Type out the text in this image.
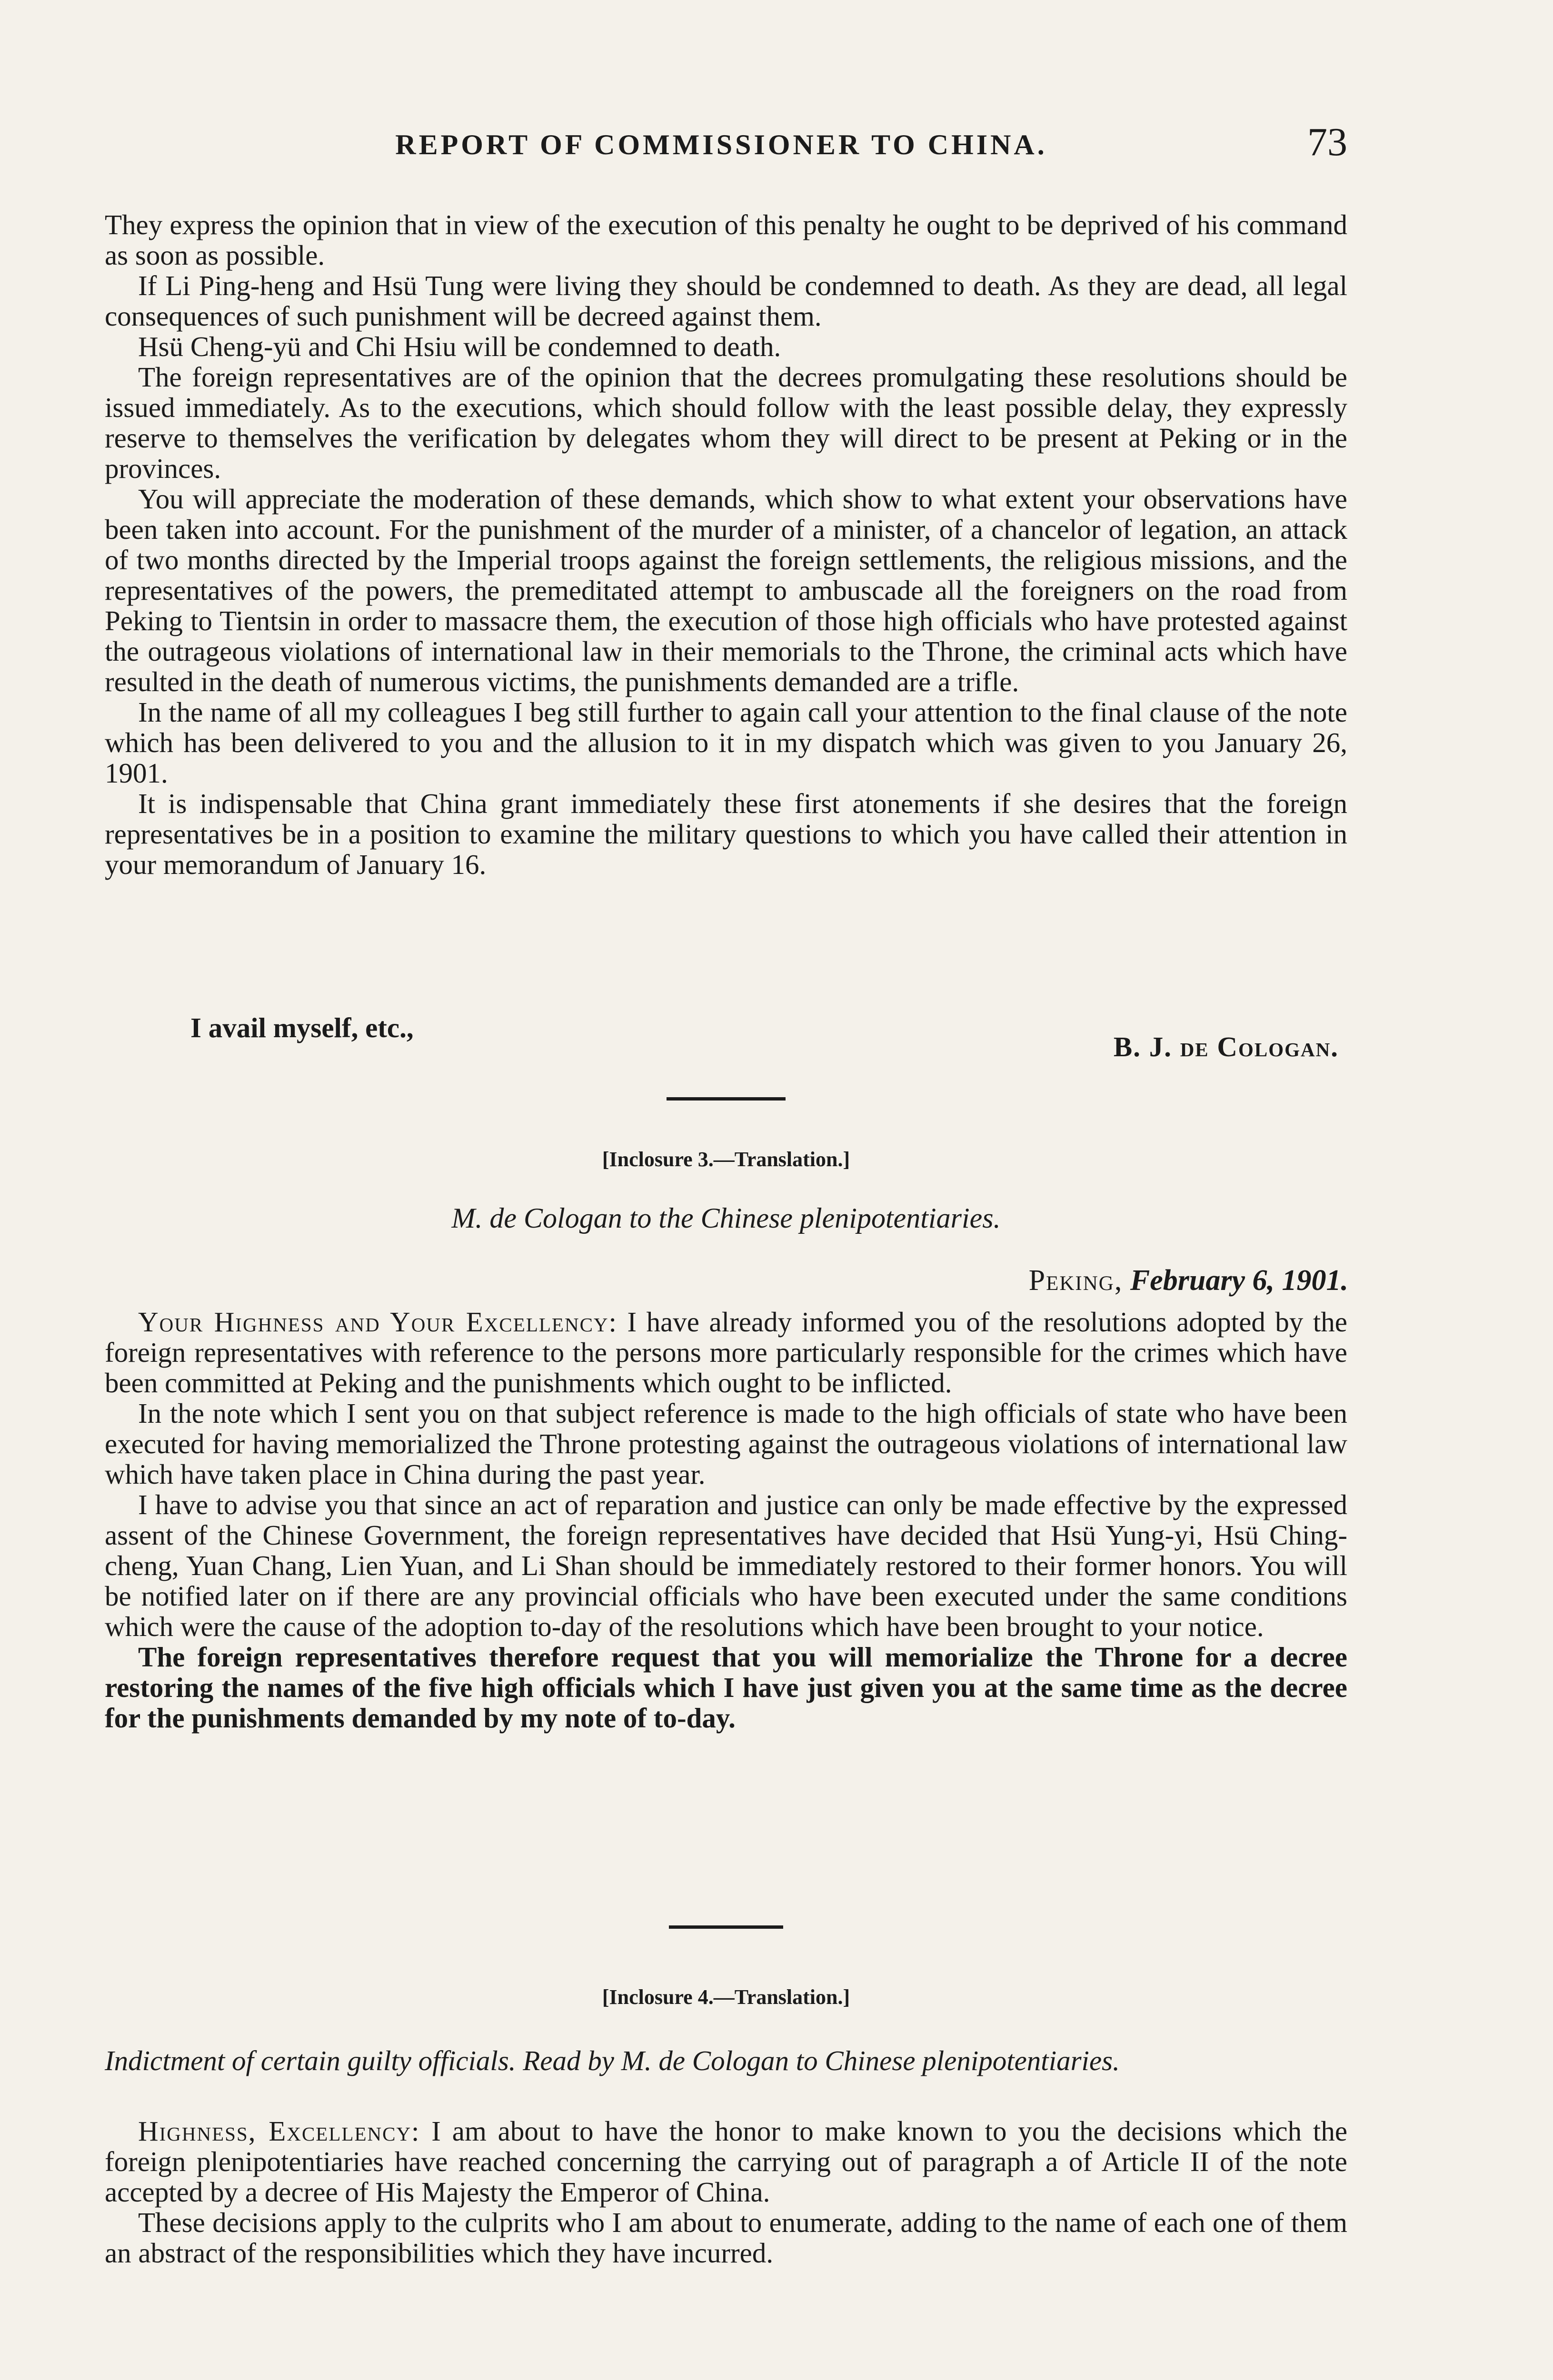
REPORT OF COMMISSIONER TO CHINA.	73

They express the opinion that in view of the execution of this penalty he ought to be deprived of his command as soon as possible.

If Li Ping-heng and Hsü Tung were living they should be condemned to death. As they are dead, all legal consequences of such punishment will be decreed against them.

Hsü Cheng-yü and Chi Hsiu will be condemned to death.

The foreign representatives are of the opinion that the decrees promulgating these resolutions should be issued immediately. As to the executions, which should follow with the least possible delay, they expressly reserve to themselves the verification by delegates whom they will direct to be present at Peking or in the provinces.

You will appreciate the moderation of these demands, which show to what extent your observations have been taken into account. For the punishment of the murder of a minister, of a chancelor of legation, an attack of two months directed by the Imperial troops against the foreign settlements, the religious missions, and the representatives of the powers, the premeditated attempt to ambuscade all the foreigners on the road from Peking to Tientsin in order to massacre them, the execution of those high officials who have protested against the outrageous violations of international law in their memorials to the Throne, the criminal acts which have resulted in the death of numerous victims, the punishments demanded are a trifle.

In the name of all my colleagues I beg still further to again call your attention to the final clause of the note which has been delivered to you and the allusion to it in my dispatch which was given to you January 26, 1901.

It is indispensable that China grant immediately these first atonements if she desires that the foreign representatives be in a position to examine the military questions to which you have called their attention in your memorandum of January 16.

I avail myself, etc.,
B. J. de Cologan.
[Inclosure 3.—Translation.]
M. de Cologan to the Chinese plenipotentiaries.
Peking, February 6, 1901.

Your Highness and Your Excellency: I have already informed you of the resolutions adopted by the foreign representatives with reference to the persons more particularly responsible for the crimes which have been committed at Peking and the punishments which ought to be inflicted.

In the note which I sent you on that subject reference is made to the high officials of state who have been executed for having memorialized the Throne protesting against the outrageous violations of international law which have taken place in China during the past year.

I have to advise you that since an act of reparation and justice can only be made effective by the expressed assent of the Chinese Government, the foreign representatives have decided that Hsü Yung-yi, Hsü Ching-cheng, Yuan Chang, Lien Yuan, and Li Shan should be immediately restored to their former honors. You will be notified later on if there are any provincial officials who have been executed under the same conditions which were the cause of the adoption to-day of the resolutions which have been brought to your notice.

The foreign representatives therefore request that you will memorialize the Throne for a decree restoring the names of the five high officials which I have just given you at the same time as the decree for the punishments demanded by my note of to-day.

[Inclosure 4.—Translation.]
Indictment of certain guilty officials. Read by M. de Cologan to Chinese plenipotentiaries.

Highness, Excellency: I am about to have the honor to make known to you the decisions which the foreign plenipotentiaries have reached concerning the carrying out of paragraph a of Article II of the note accepted by a decree of His Majesty the Emperor of China.

These decisions apply to the culprits who I am about to enumerate, adding to the name of each one of them an abstract of the responsibilities which they have incurred.
